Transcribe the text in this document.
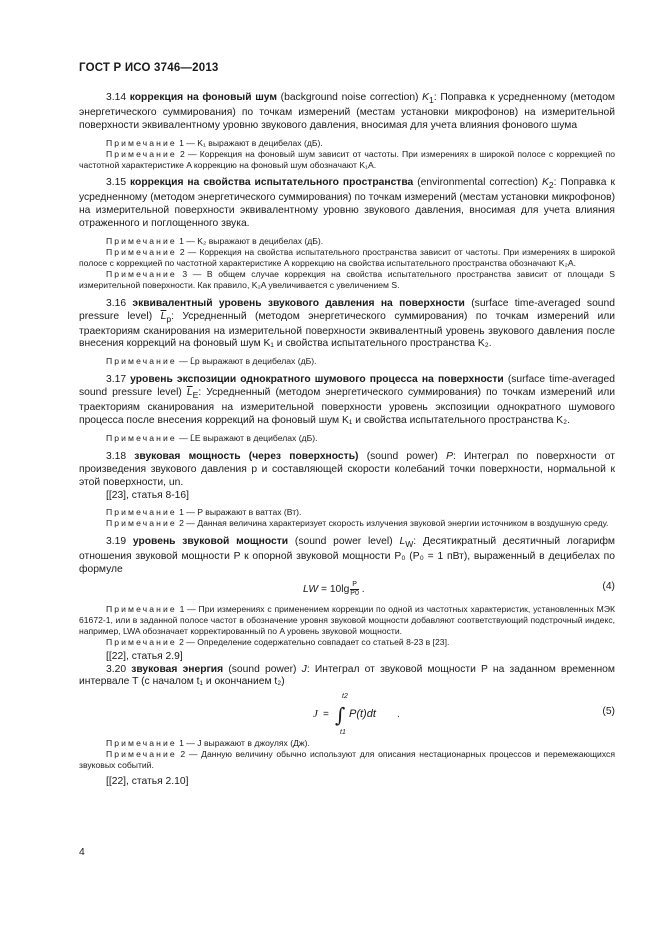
ГОСТ Р ИСО 3746—2013

3.14 коррекция на фоновый шум (background noise correction) $K_1$: Поправка к усредненному (методом энергетического суммирования) по точкам измерений (местам установки микрофонов) на измерительной поверхности эквивалентному уровню звукового давления, вносимая для учета влияния фонового шума

Примечание 1 — K₁ выражают в децибелах (дБ).

Примечание 2 — Коррекция на фоновый шум зависит от частоты. При измерениях в широкой полосе с коррекцией по частотной характеристике A коррекцию на фоновый шум обозначают K₁A.

3.15 коррекция на свойства испытательного пространства (environmental correction) $K_2$: Поправка к усредненному (методом энергетического суммирования) по точкам измерений (местам установки микрофонов) на измерительной поверхности эквивалентному уровню звукового давления, вносимая для учета влияния отраженного и поглощенного звука.

Примечание 1 — K₂ выражают в децибелах (дБ).

Примечание 2 — Коррекция на свойства испытательного пространства зависит от частоты. При измерениях в широкой полосе с коррекцией по частотной характеристике A коррекцию на свойства испытательного пространства обозначают K₂A.

Примечание 3 — В общем случае коррекция на свойства испытательного пространства зависит от площади S измерительной поверхности. Как правило, K₂A увеличивается с увеличением S.

3.16 эквивалентный уровень звукового давления на поверхности (surface time-averaged sound pressure level) $\overline{L}_p$: Усредненный (методом энергетического суммирования) по точкам измерений или траекториям сканирования на измерительной поверхности эквивалентный уровень звукового давления после внесения коррекций на фоновый шум K₁ и свойства испытательного пространства K₂.

Примечание — L̄p выражают в децибелах (дБ).

3.17 уровень экспозиции однократного шумового процесса на поверхности (surface time-averaged sound pressure level) $\overline{L}_E$: Усредненный (методом энергетического суммирования) по точкам измерений или траекториям сканирования на измерительной поверхности уровень экспозиции однократного шумового процесса после внесения коррекций на фоновый шум K₁ и свойства испытательного пространства K₂.

Примечание — L̄E выражают в децибелах (дБ).

3.18 звуковая мощность (через поверхность) (sound power) P: Интеграл по поверхности от произведения звукового давления p и составляющей скорости колебаний точки поверхности, нормальной к этой поверхности, un.

[[23], статья 8-16]

Примечание 1 — P выражают в ваттах (Вт).

Примечание 2 — Данная величина характеризует скорость излучения звуковой энергии источником в воздушную среду.

3.19 уровень звуковой мощности (sound power level) $L_W$: Десятикратный десятичный логарифм отношения звуковой мощности P к опорной звуковой мощности P₀ (P₀ = 1 пВт), выраженный в децибелах по формуле

LW = $10\lg \frac{P}{P0}$ .	(4)

Примечание 1 — При измерениях с применением коррекции по одной из частотных характеристик, установленных МЭК 61672-1, или в заданной полосе частот в обозначение уровня звуковой мощности добавляют соответствующий подстрочный индекс, например, LWA обозначает корректированный по A уровень звуковой мощности.

Примечание 2 — Определение содержательно совпадает со статьей 8-23 в [23].

[[22], статья 2.9]

3.20 звуковая энергия (sound power) J: Интеграл от звуковой мощности P на заданном временном интервале T (с началом t₁ и окончанием t₂)

J = ∫
t2
t1
P(t)dt .	(5)

Примечание 1 — J выражают в джоулях (Дж).

Примечание 2 — Данную величину обычно используют для описания нестационарных процессов и перемежающихся звуковых событий.

[[22], статья 2.10]

4
